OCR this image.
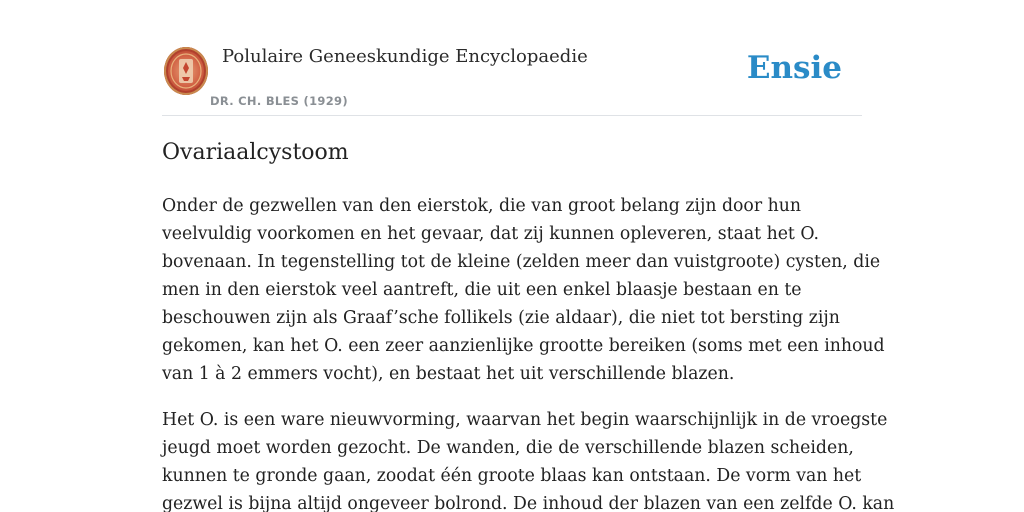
Polulaire Geneeskundige Encyclopaedie
DR. CH. BLES (1929)
Ensie
Ovariaalcystoom

Onder de gezwellen van den eierstok, die van groot belang zijn door hun
veelvuldig voorkomen en het gevaar, dat zij kunnen opleveren, staat het O.
bovenaan. In tegenstelling tot de kleine (zelden meer dan vuistgroote) cysten, die
men in den eierstok veel aantreft, die uit een enkel blaasje bestaan en te
beschouwen zijn als Graaf’sche follikels (zie aldaar), die niet tot bersting zijn
gekomen, kan het O. een zeer aanzienlijke grootte bereiken (soms met een inhoud
van 1 à 2 emmers vocht), en bestaat het uit verschillende blazen.

Het O. is een ware nieuwvorming, waarvan het begin waarschijnlijk in de vroegste
jeugd moet worden gezocht. De wanden, die de verschillende blazen scheiden,
kunnen te gronde gaan, zoodat één groote blaas kan ontstaan. De vorm van het
gezwel is bijna altijd ongeveer bolrond. De inhoud der blazen van een zelfde O. kan
